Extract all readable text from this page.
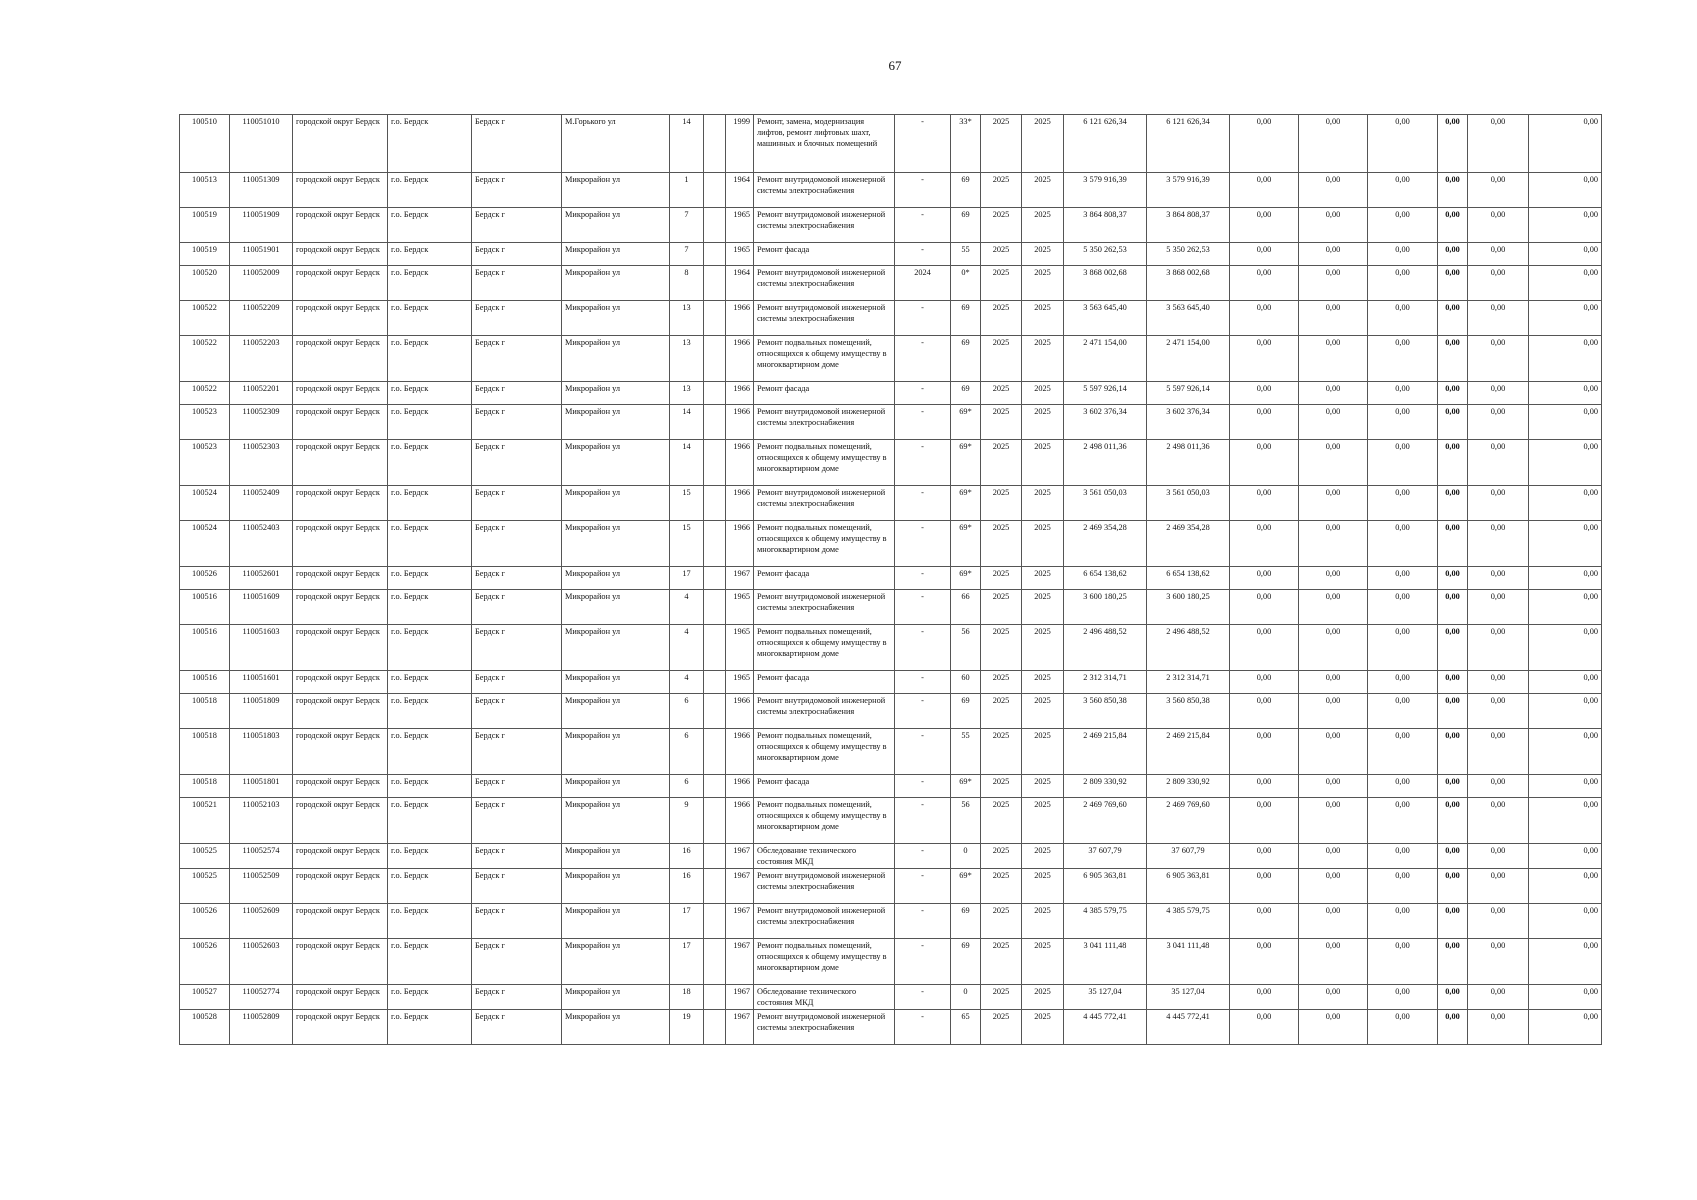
67
100510	110051010	городской округ Бердск	г.о. Бердск	Бердск г	М.Горького ул	14		1999	Ремонт, замена, модернизация лифтов, ремонт лифтовых шахт, машинных и блочных помещений	-	33*	2025	2025	6 121 626,34	6 121 626,34	0,00	0,00	0,00	0,00	0,00	0,00
100513	110051309	городской округ Бердск	г.о. Бердск	Бердск г	Микрорайон ул	1		1964	Ремонт внутридомовой инженерной системы электроснабжения	-	69	2025	2025	3 579 916,39	3 579 916,39	0,00	0,00	0,00	0,00	0,00	0,00
100519	110051909	городской округ Бердск	г.о. Бердск	Бердск г	Микрорайон ул	7		1965	Ремонт внутридомовой инженерной системы электроснабжения	-	69	2025	2025	3 864 808,37	3 864 808,37	0,00	0,00	0,00	0,00	0,00	0,00
100519	110051901	городской округ Бердск	г.о. Бердск	Бердск г	Микрорайон ул	7		1965	Ремонт фасада	-	55	2025	2025	5 350 262,53	5 350 262,53	0,00	0,00	0,00	0,00	0,00	0,00
100520	110052009	городской округ Бердск	г.о. Бердск	Бердск г	Микрорайон ул	8		1964	Ремонт внутридомовой инженерной системы электроснабжения	2024	0*	2025	2025	3 868 002,68	3 868 002,68	0,00	0,00	0,00	0,00	0,00	0,00
100522	110052209	городской округ Бердск	г.о. Бердск	Бердск г	Микрорайон ул	13		1966	Ремонт внутридомовой инженерной системы электроснабжения	-	69	2025	2025	3 563 645,40	3 563 645,40	0,00	0,00	0,00	0,00	0,00	0,00
100522	110052203	городской округ Бердск	г.о. Бердск	Бердск г	Микрорайон ул	13		1966	Ремонт подвальных помещений, относящихся к общему имуществу в многоквартирном доме	-	69	2025	2025	2 471 154,00	2 471 154,00	0,00	0,00	0,00	0,00	0,00	0,00
100522	110052201	городской округ Бердск	г.о. Бердск	Бердск г	Микрорайон ул	13		1966	Ремонт фасада	-	69	2025	2025	5 597 926,14	5 597 926,14	0,00	0,00	0,00	0,00	0,00	0,00
100523	110052309	городской округ Бердск	г.о. Бердск	Бердск г	Микрорайон ул	14		1966	Ремонт внутридомовой инженерной системы электроснабжения	-	69*	2025	2025	3 602 376,34	3 602 376,34	0,00	0,00	0,00	0,00	0,00	0,00
100523	110052303	городской округ Бердск	г.о. Бердск	Бердск г	Микрорайон ул	14		1966	Ремонт подвальных помещений, относящихся к общему имуществу в многоквартирном доме	-	69*	2025	2025	2 498 011,36	2 498 011,36	0,00	0,00	0,00	0,00	0,00	0,00
100524	110052409	городской округ Бердск	г.о. Бердск	Бердск г	Микрорайон ул	15		1966	Ремонт внутридомовой инженерной системы электроснабжения	-	69*	2025	2025	3 561 050,03	3 561 050,03	0,00	0,00	0,00	0,00	0,00	0,00
100524	110052403	городской округ Бердск	г.о. Бердск	Бердск г	Микрорайон ул	15		1966	Ремонт подвальных помещений, относящихся к общему имуществу в многоквартирном доме	-	69*	2025	2025	2 469 354,28	2 469 354,28	0,00	0,00	0,00	0,00	0,00	0,00
100526	110052601	городской округ Бердск	г.о. Бердск	Бердск г	Микрорайон ул	17		1967	Ремонт фасада	-	69*	2025	2025	6 654 138,62	6 654 138,62	0,00	0,00	0,00	0,00	0,00	0,00
100516	110051609	городской округ Бердск	г.о. Бердск	Бердск г	Микрорайон ул	4		1965	Ремонт внутридомовой инженерной системы электроснабжения	-	66	2025	2025	3 600 180,25	3 600 180,25	0,00	0,00	0,00	0,00	0,00	0,00
100516	110051603	городской округ Бердск	г.о. Бердск	Бердск г	Микрорайон ул	4		1965	Ремонт подвальных помещений, относящихся к общему имуществу в многоквартирном доме	-	56	2025	2025	2 496 488,52	2 496 488,52	0,00	0,00	0,00	0,00	0,00	0,00
100516	110051601	городской округ Бердск	г.о. Бердск	Бердск г	Микрорайон ул	4		1965	Ремонт фасада	-	60	2025	2025	2 312 314,71	2 312 314,71	0,00	0,00	0,00	0,00	0,00	0,00
100518	110051809	городской округ Бердск	г.о. Бердск	Бердск г	Микрорайон ул	6		1966	Ремонт внутридомовой инженерной системы электроснабжения	-	69	2025	2025	3 560 850,38	3 560 850,38	0,00	0,00	0,00	0,00	0,00	0,00
100518	110051803	городской округ Бердск	г.о. Бердск	Бердск г	Микрорайон ул	6		1966	Ремонт подвальных помещений, относящихся к общему имуществу в многоквартирном доме	-	55	2025	2025	2 469 215,84	2 469 215,84	0,00	0,00	0,00	0,00	0,00	0,00
100518	110051801	городской округ Бердск	г.о. Бердск	Бердск г	Микрорайон ул	6		1966	Ремонт фасада	-	69*	2025	2025	2 809 330,92	2 809 330,92	0,00	0,00	0,00	0,00	0,00	0,00
100521	110052103	городской округ Бердск	г.о. Бердск	Бердск г	Микрорайон ул	9		1966	Ремонт подвальных помещений, относящихся к общему имуществу в многоквартирном доме	-	56	2025	2025	2 469 769,60	2 469 769,60	0,00	0,00	0,00	0,00	0,00	0,00
100525	110052574	городской округ Бердск	г.о. Бердск	Бердск г	Микрорайон ул	16		1967	Обследование технического состояния МКД	-	0	2025	2025	37 607,79	37 607,79	0,00	0,00	0,00	0,00	0,00	0,00
100525	110052509	городской округ Бердск	г.о. Бердск	Бердск г	Микрорайон ул	16		1967	Ремонт внутридомовой инженерной системы электроснабжения	-	69*	2025	2025	6 905 363,81	6 905 363,81	0,00	0,00	0,00	0,00	0,00	0,00
100526	110052609	городской округ Бердск	г.о. Бердск	Бердск г	Микрорайон ул	17		1967	Ремонт внутридомовой инженерной системы электроснабжения	-	69	2025	2025	4 385 579,75	4 385 579,75	0,00	0,00	0,00	0,00	0,00	0,00
100526	110052603	городской округ Бердск	г.о. Бердск	Бердск г	Микрорайон ул	17		1967	Ремонт подвальных помещений, относящихся к общему имуществу в многоквартирном доме	-	69	2025	2025	3 041 111,48	3 041 111,48	0,00	0,00	0,00	0,00	0,00	0,00
100527	110052774	городской округ Бердск	г.о. Бердск	Бердск г	Микрорайон ул	18		1967	Обследование технического состояния МКД	-	0	2025	2025	35 127,04	35 127,04	0,00	0,00	0,00	0,00	0,00	0,00
100528	110052809	городской округ Бердск	г.о. Бердск	Бердск г	Микрорайон ул	19		1967	Ремонт внутридомовой инженерной системы электроснабжения	-	65	2025	2025	4 445 772,41	4 445 772,41	0,00	0,00	0,00	0,00	0,00	0,00
